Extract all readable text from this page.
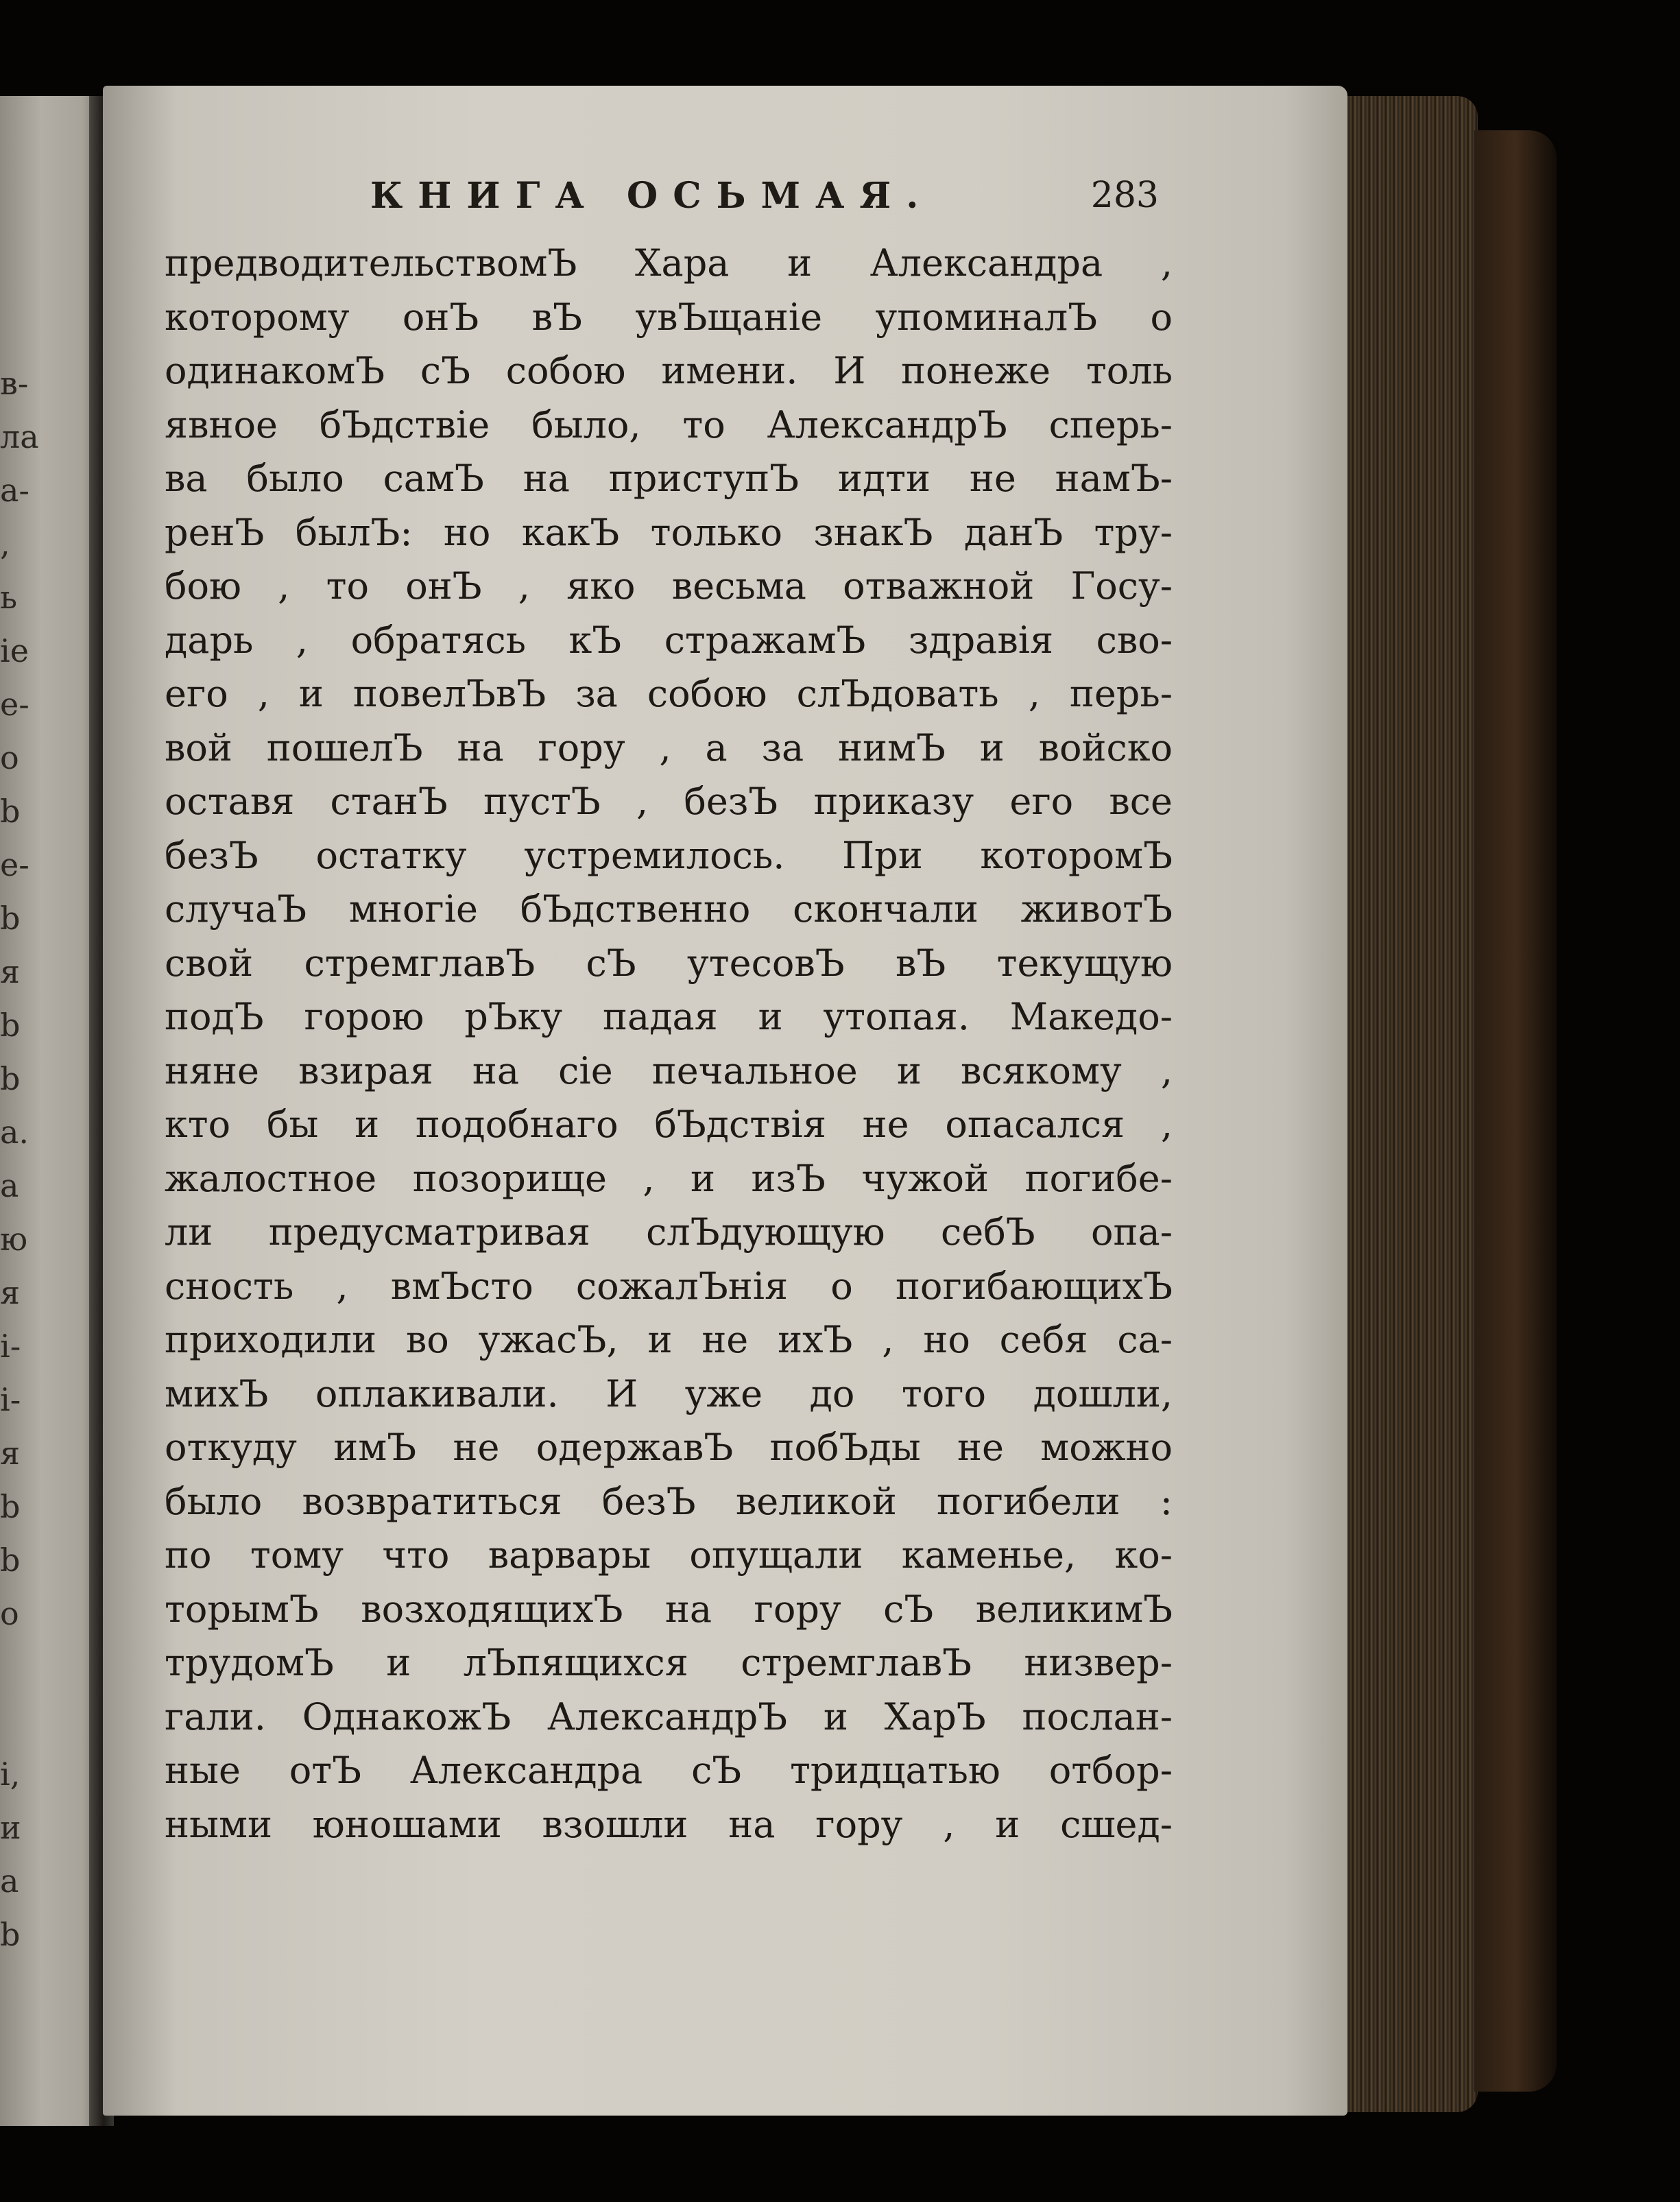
в-
ла
а-
,
ь
ie
е-
о
b
е-
b
я
b
b
а.
а
ю
я
і-
і-
я
b
b
о
і,
и
а
b
КНИГА ОСЬМАЯ.	283
предводительствомЪ Хара и Александра ,
которому онЪ вЪ увЪщаніе упоминалЪ о
одинакомЪ сЪ собою имени. И понеже толь
явное бЪдствіе было, то АлександрЪ сперь-
ва было самЪ на приступЪ идти не намЪ-
ренЪ былЪ: но какЪ только знакЪ данЪ тру-
бою , то онЪ , яко весьма отважной Госу-
дарь , обратясь кЪ стражамЪ здравія сво-
его , и повелЪвЪ за собою слЪдовать , перь-
вой пошелЪ на гору , а за нимЪ и войско
оставя станЪ пустЪ , безЪ приказу его все
безЪ остатку устремилось. При которомЪ
случаЪ многіе бЪдственно скончали животЪ
свой стремглавЪ сЪ утесовЪ вЪ текущую
подЪ горою рЪку падая и утопая. Македо-
няне взирая на сіе печальное и всякому ,
кто бы и подобнаго бЪдствія не опасался ,
жалостное позорище , и изЪ чужой погибе-
ли предусматривая слЪдующую себЪ опа-
сность , вмЪсто сожалЪнія о погибающихЪ
приходили во ужасЪ, и не ихЪ , но себя са-
михЪ оплакивали. И уже до того дошли,
откуду имЪ не одержавЪ побЪды не можно
было возвратиться безЪ великой погибели :
по тому что варвары опущали каменье, ко-
торымЪ возходящихЪ на гору сЪ великимЪ
трудомЪ и лЪпящихся стремглавЪ низвер-
гали. ОднакожЪ АлександрЪ и ХарЪ послан-
ные отЪ Александра сЪ тридцатью отбор-
ными юношами взошли на гору , и сшед-
